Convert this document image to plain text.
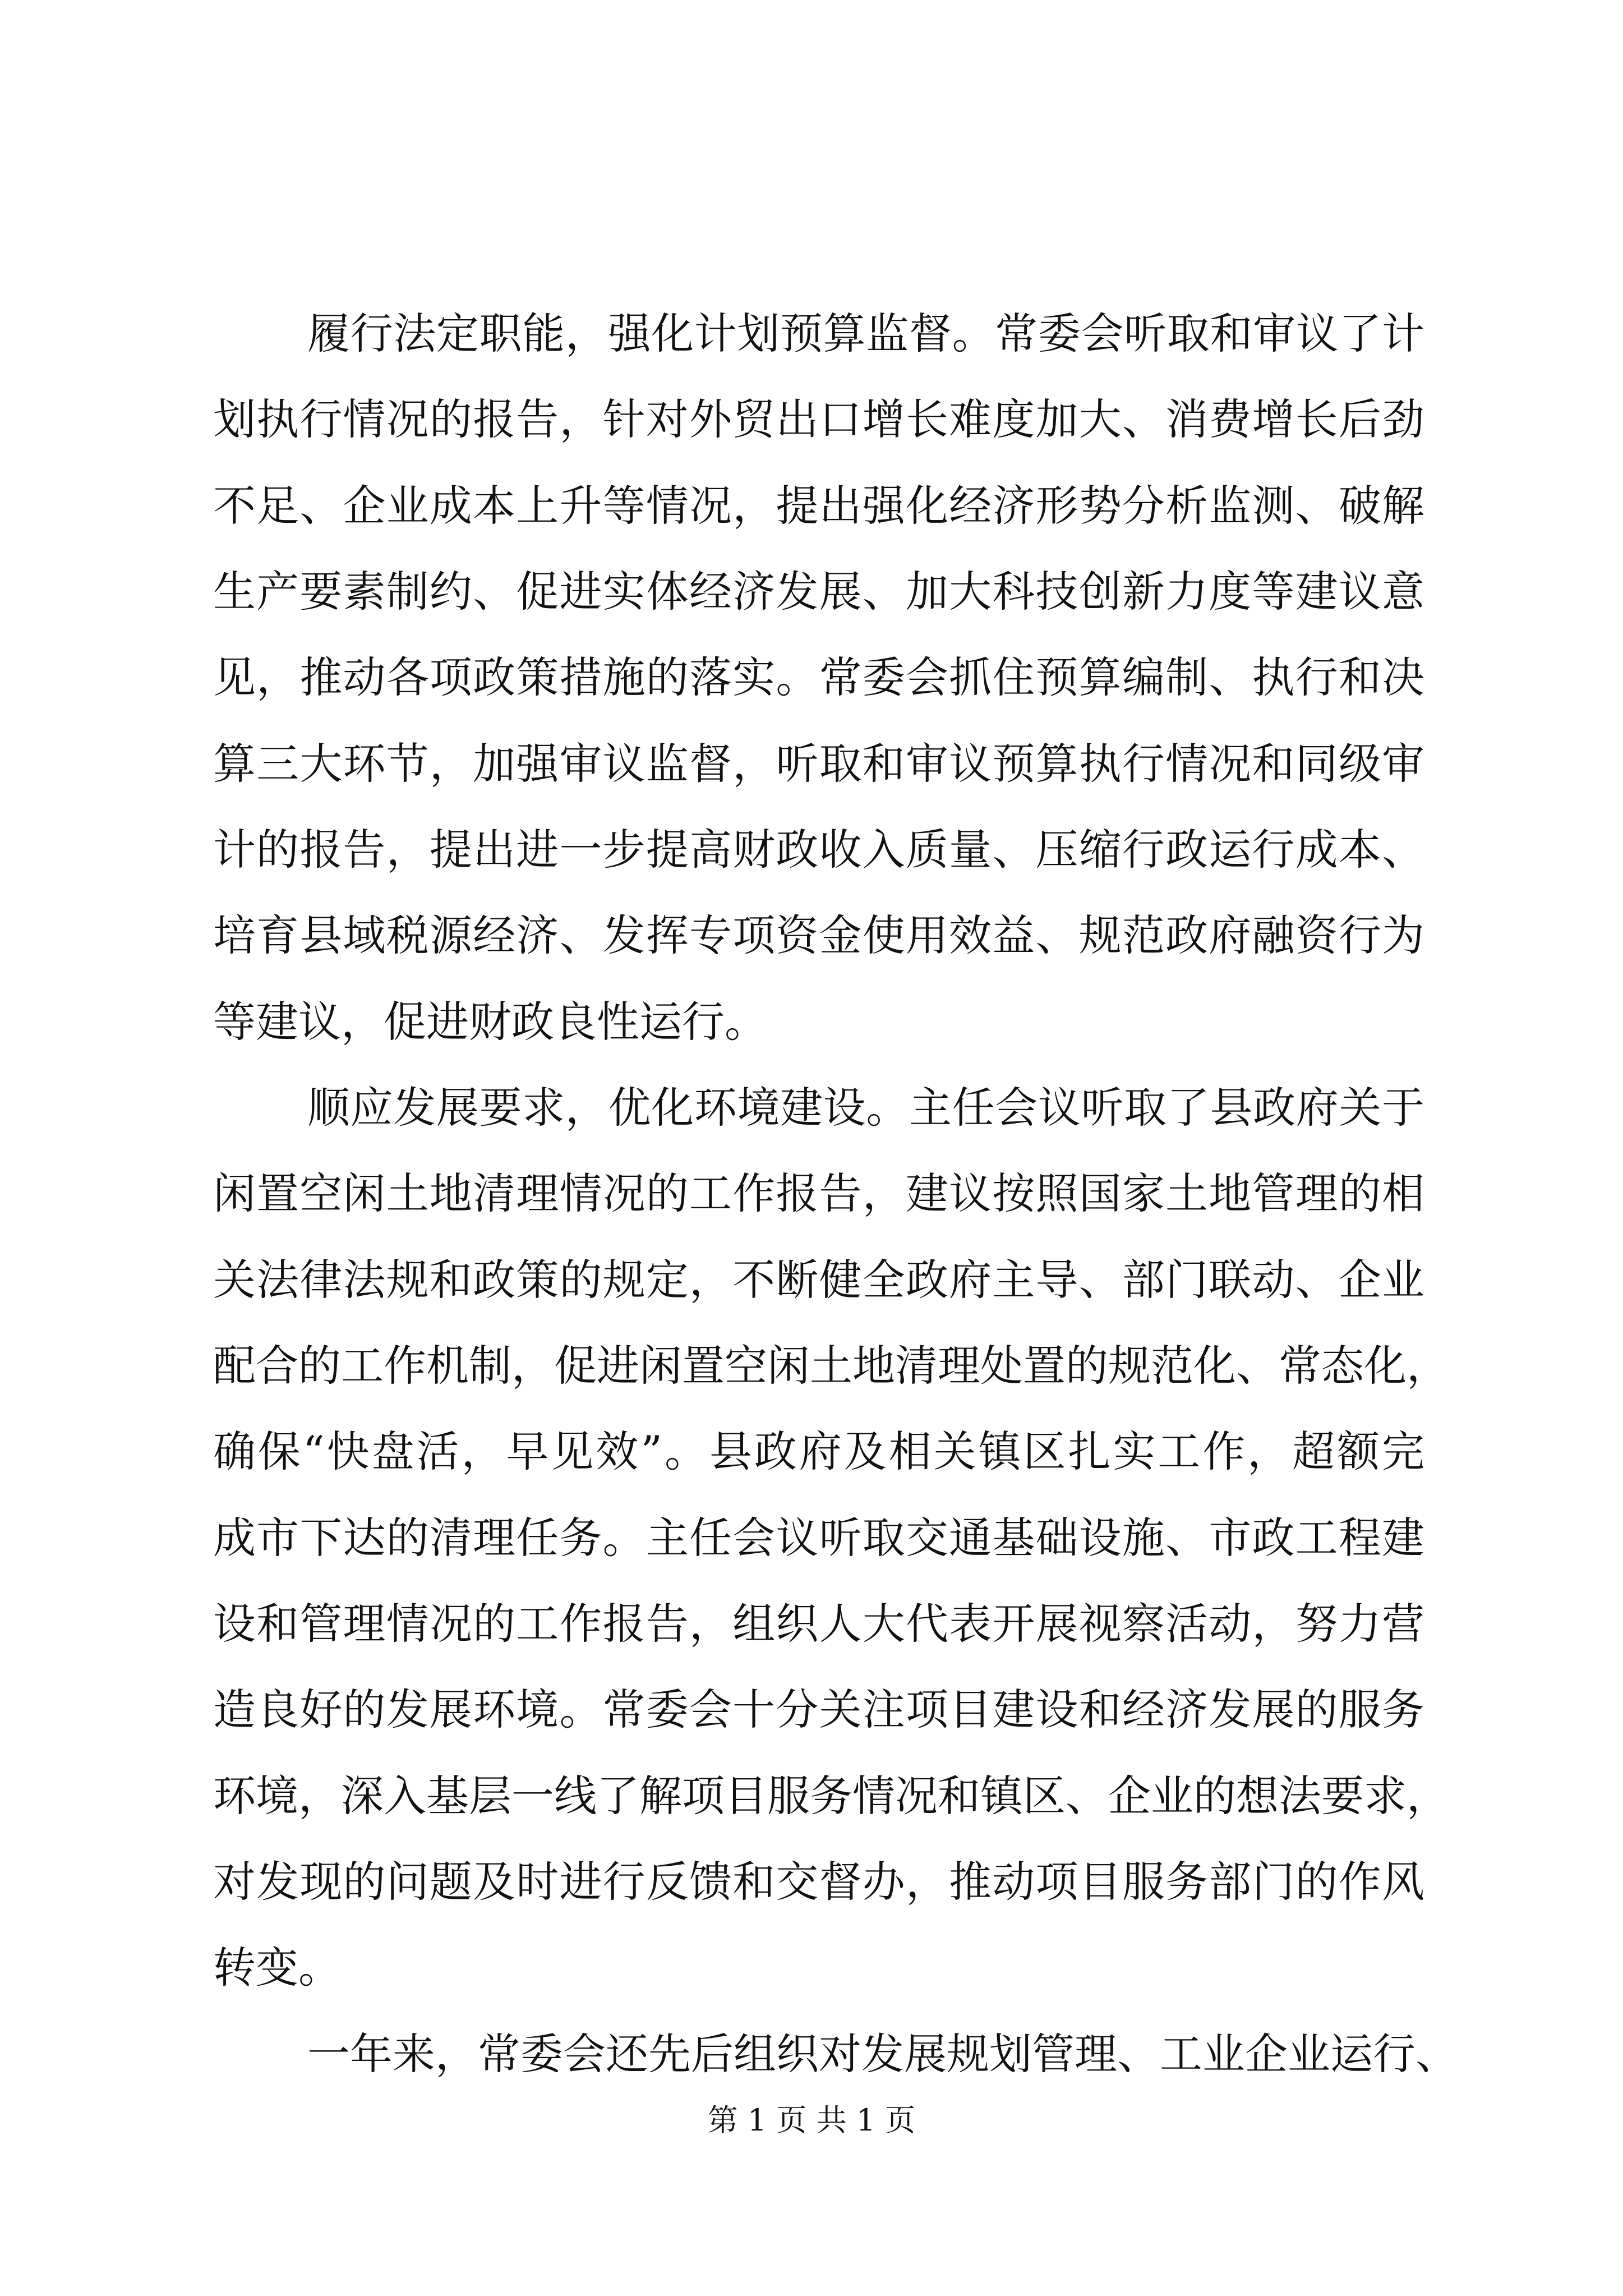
履行法定职能，强化计划预算监督。常委会听取和审议了计

划执行情况的报告，针对外贸出口增长难度加大、消费增长后劲

不足、企业成本上升等情况，提出强化经济形势分析监测、破解

生产要素制约、促进实体经济发展、加大科技创新力度等建议意

见，推动各项政策措施的落实。常委会抓住预算编制、执行和决

算三大环节，加强审议监督，听取和审议预算执行情况和同级审

计的报告，提出进一步提高财政收入质量、压缩行政运行成本、

培育县域税源经济、发挥专项资金使用效益、规范政府融资行为

等建议，促进财政良性运行。

顺应发展要求，优化环境建设。主任会议听取了县政府关于

闲置空闲土地清理情况的工作报告，建议按照国家土地管理的相

关法律法规和政策的规定，不断健全政府主导、部门联动、企业

配合的工作机制，促进闲置空闲土地清理处置的规范化、常态化，

确保“快盘活，早见效”。县政府及相关镇区扎实工作，超额完

成市下达的清理任务。主任会议听取交通基础设施、市政工程建

设和管理情况的工作报告，组织人大代表开展视察活动，努力营

造良好的发展环境。常委会十分关注项目建设和经济发展的服务

环境，深入基层一线了解项目服务情况和镇区、企业的想法要求，

对发现的问题及时进行反馈和交督办，推动项目服务部门的作风

转变。

一年来，常委会还先后组织对发展规划管理、工业企业运行、

第 1 页 共 1 页
